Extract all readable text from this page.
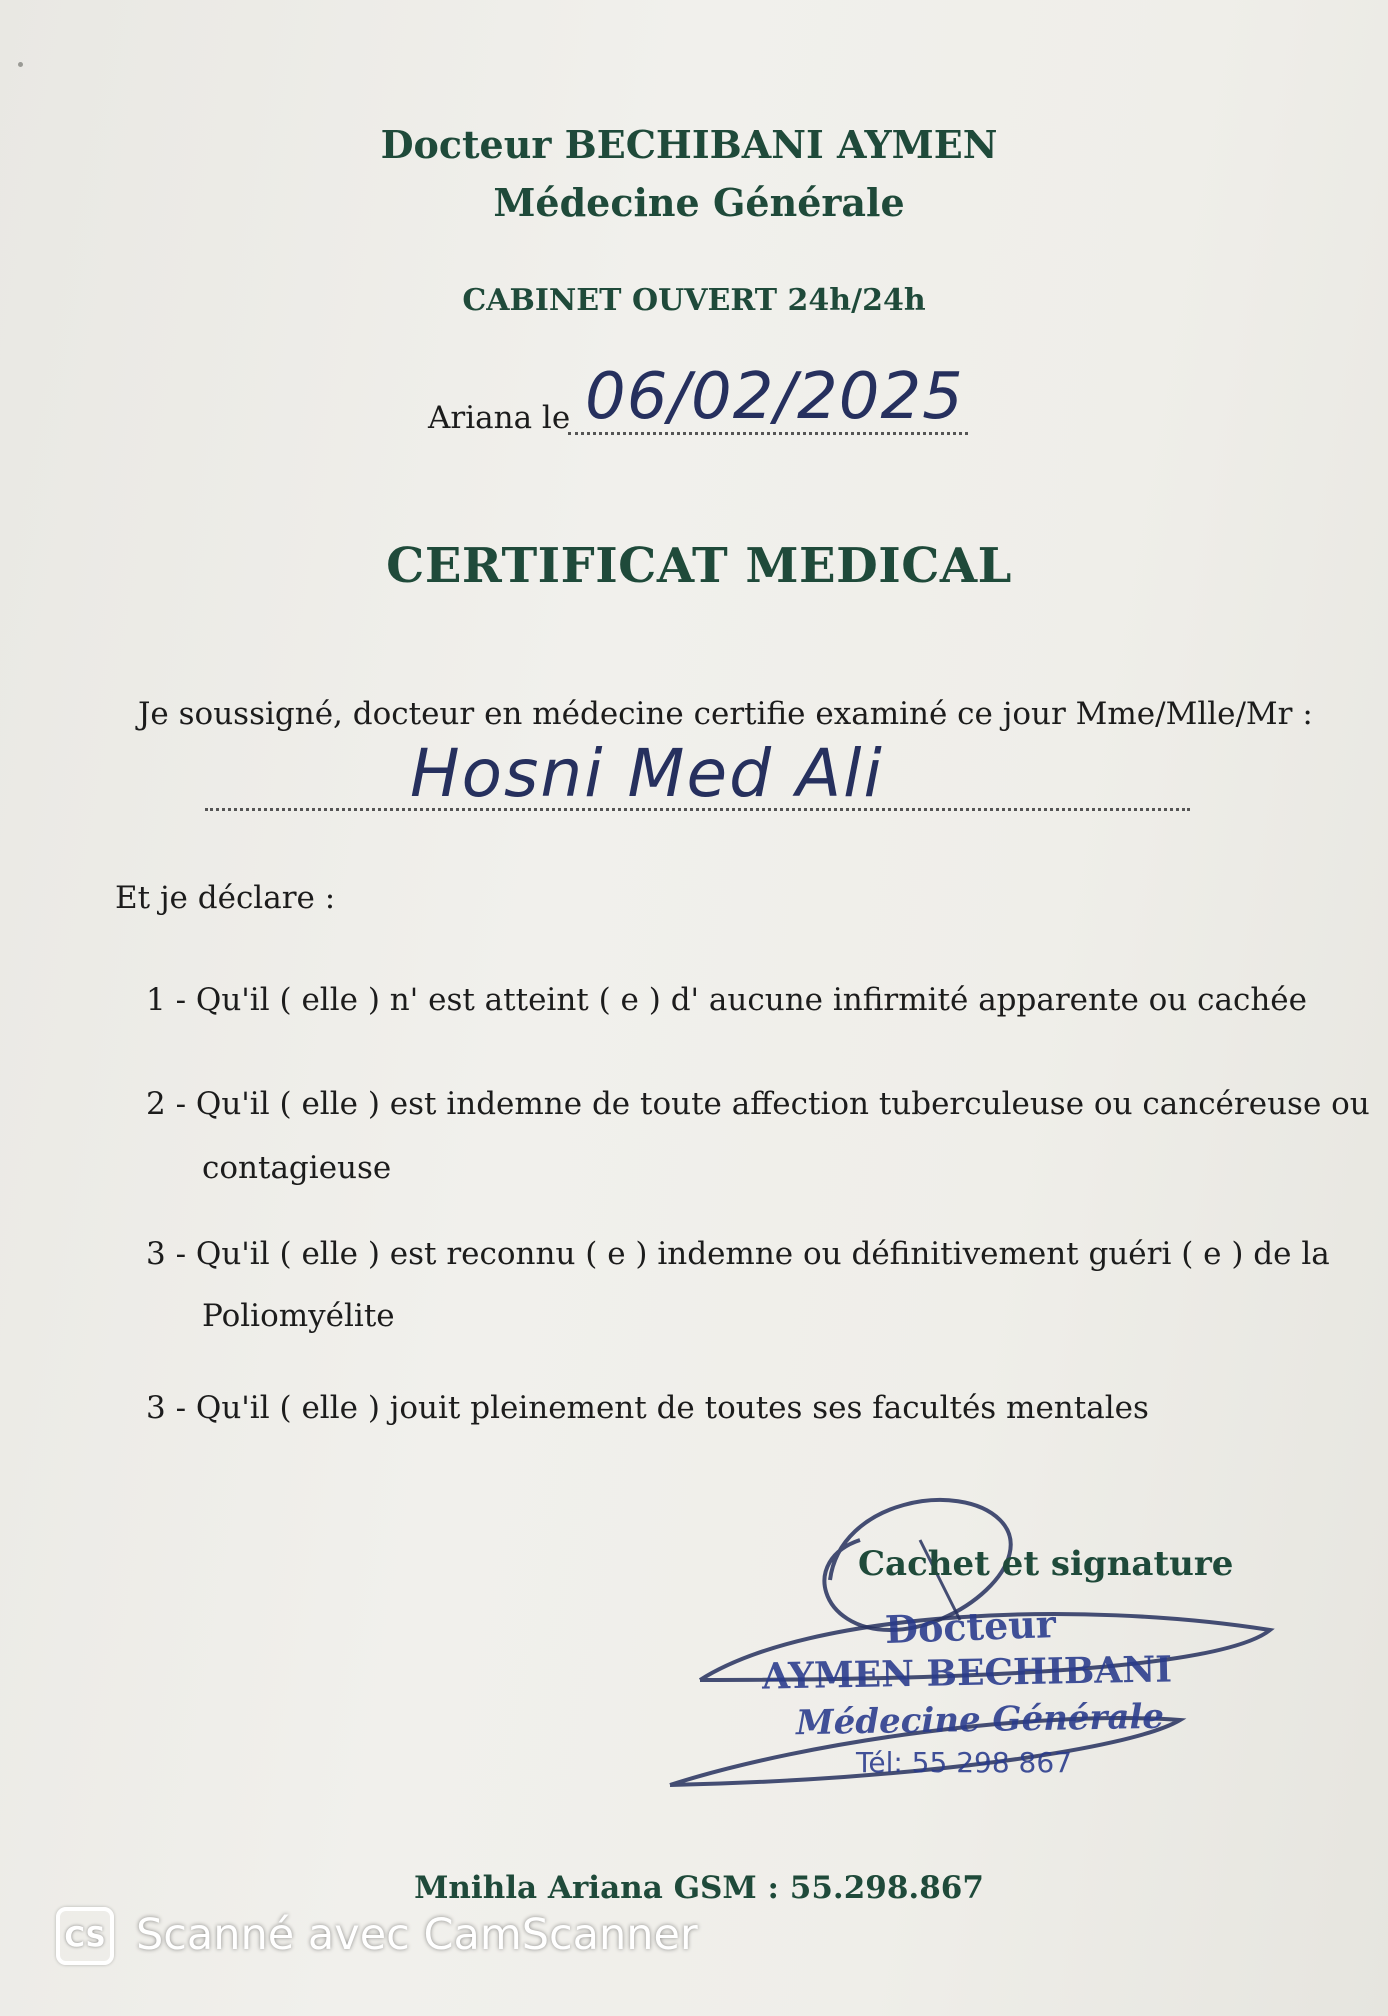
Docteur BECHIBANI AYMEN
Médecine Générale
CABINET OUVERT 24h/24h
Ariana le 06/02/2025
CERTIFICAT MEDICAL
Je soussigné, docteur en médecine certifie examiné ce jour Mme/Mlle/Mr :
Hosni Med Ali
Et je déclare :
1 - Qu'il ( elle ) n' est atteint ( e ) d' aucune infirmité apparente ou cachée
2 - Qu'il ( elle ) est indemne de toute affection tuberculeuse ou cancéreuse ou
contagieuse
3 - Qu'il ( elle ) est reconnu ( e ) indemne ou définitivement guéri ( e ) de la
Poliomyélite
3 - Qu'il ( elle ) jouit pleinement de toutes ses facultés mentales
Cachet et signature
Docteur
AYMEN BECHIBANI
Médecine Générale
Tél: 55 298 867
Mnihla Ariana GSM : 55.298.867
CS Scanné avec CamScanner
